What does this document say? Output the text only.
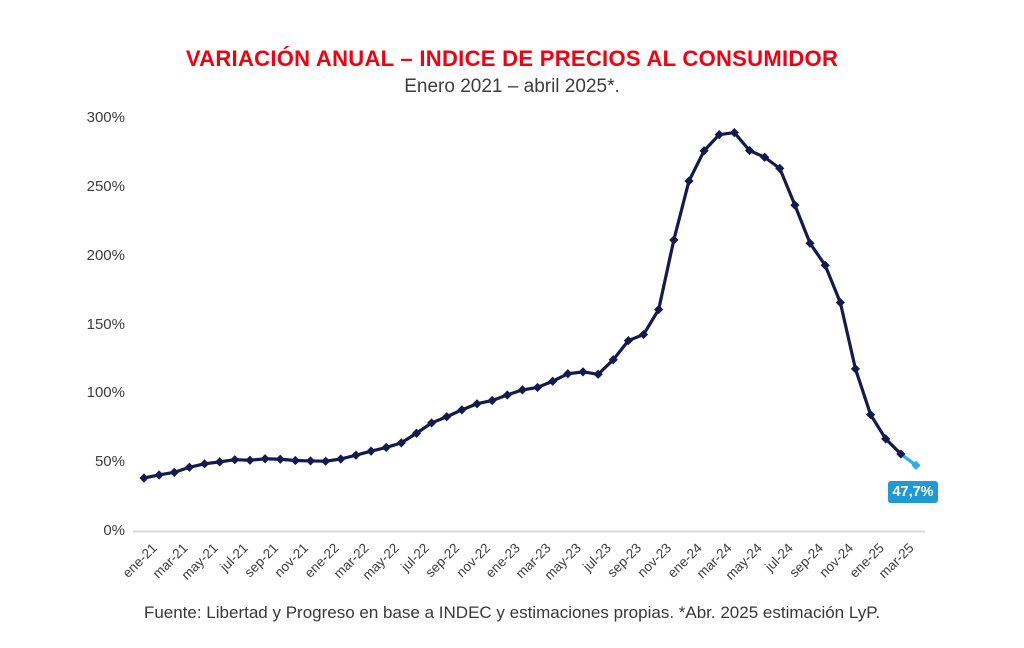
VARIACIÓN ANUAL – INDICE DE PRECIOS AL CONSUMIDOR
Enero 2021 – abril 2025*.
0%
50%
100%
150%
200%
250%
300%
ene-21
mar-21
may-21
jul-21
sep-21
nov-21
ene-22
mar-22
may-22
jul-22
sep-22
nov-22
ene-23
mar-23
may-23
jul-23
sep-23
nov-23
ene-24
mar-24
may-24
jul-24
sep-24
nov-24
ene-25
mar-25
47,7%
Fuente: Libertad y Progreso en base a INDEC y estimaciones propias. *Abr. 2025 estimación LyP.
